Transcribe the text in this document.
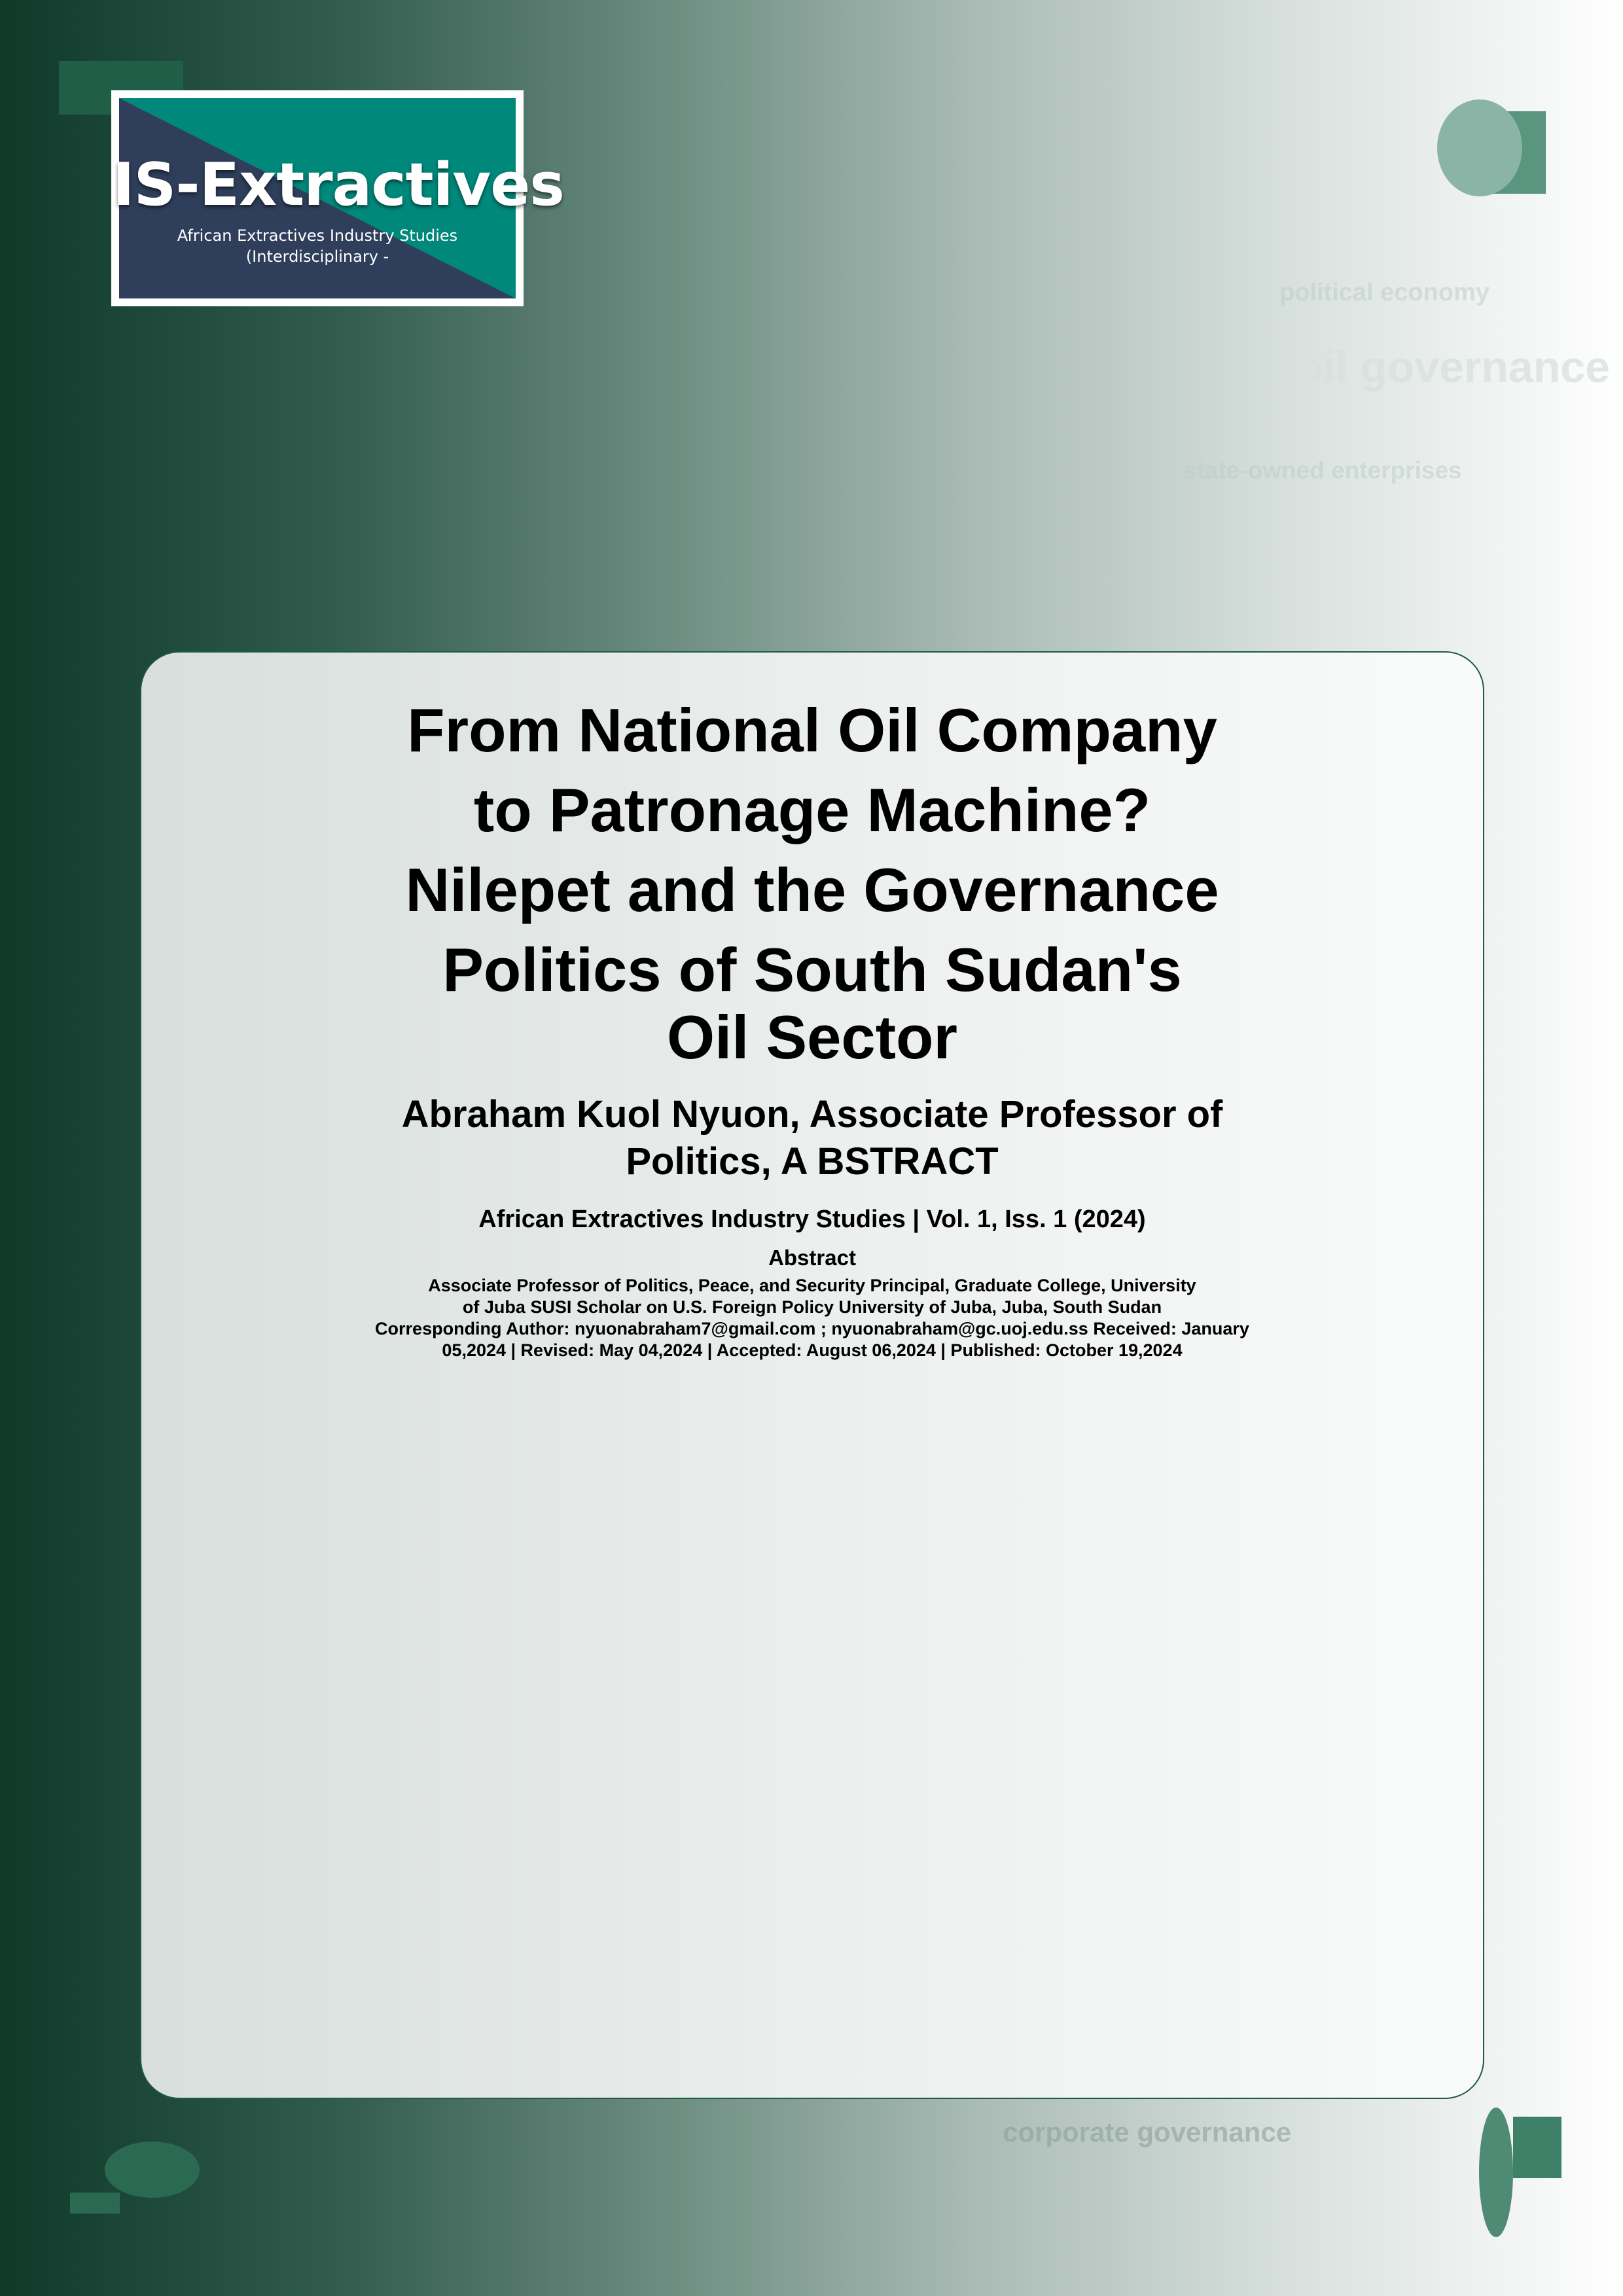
political economy
oil governance
state-owned enterprises
corporate governance
IS-Extractives
African Extractives Industry Studies
(Interdisciplinary -
From National Oil Company
to Patronage Machine?
Nilepet and the Governance
Politics of South Sudan's
Oil Sector
Abraham Kuol Nyuon, Associate Professor of
Politics, A BSTRACT
African Extractives Industry Studies | Vol. 1, Iss. 1 (2024)
Abstract
Associate Professor of Politics, Peace, and Security Principal, Graduate College, University
of Juba SUSI Scholar on U.S. Foreign Policy University of Juba, Juba, South Sudan
Corresponding Author: nyuonabraham7@gmail.com ; nyuonabraham@gc.uoj.edu.ss Received: January
05,2024 | Revised: May 04,2024 | Accepted: August 06,2024 | Published: October 19,2024
